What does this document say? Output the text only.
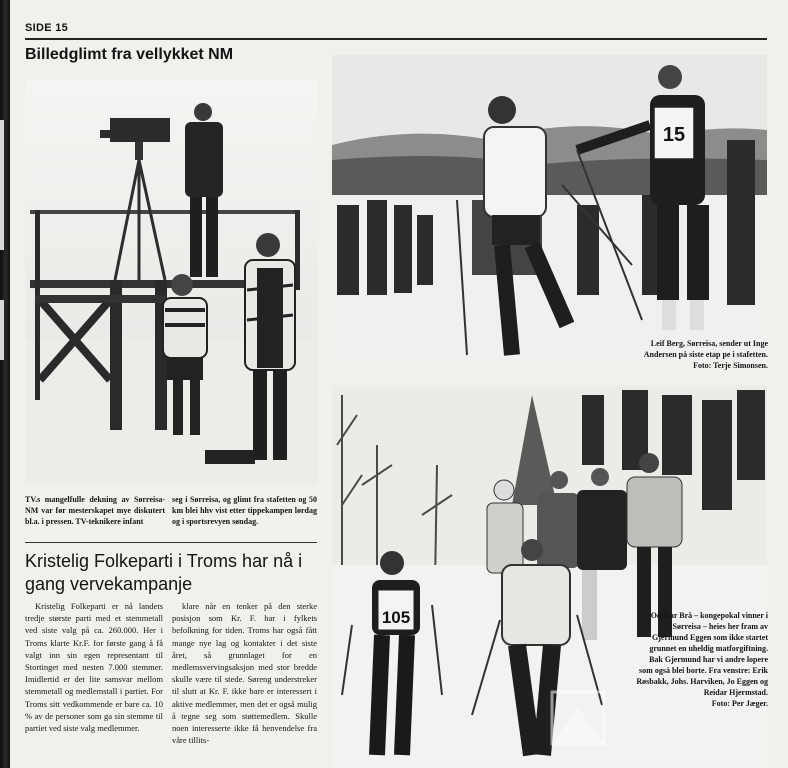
SIDE 15
Billedglimt fra vellykket NM
TV.s mangelfulle dekning av Sørreisa-NM var før mesterskapet mye diskutert bl.a. i pressen. TV-teknikere infant
seg i Sørreisa, og glimt fra stafetten og 50 km blei hhv vist etter tippekampen lørdag og i sportsrevyen søndag.
15
Leif Berg, Sørreisa, sender ut Inge Andersen på siste etap pe i stafetten.
Foto: Terje Simonsen.
105	Oddvar Brå – kongepokal vinner i Sørreisa – heies her fram av Gjermund Eggen som ikke startet grunnet en uheldig matforgiftning. Bak Gjermund har vi andre lopere som også blei borte. Fra venstre: Erik Røsbakk, Johs. Harviken, Jo Eggen og Reidar Hjermstad.
Foto: Per Jæger.
Kristelig Folkeparti i Troms har nå i gang vervekampanje
Kristelig Folkeparti er nå landets tredje største parti med et stemmetall ved siste valg på ca. 260.000. Her i Troms klarte Kr.F. for første gang å få valgt inn sin egen representant til Stortinget med nesten 7.000 stemmer. Imidlertid er det lite samsvar mellom stemmetall og medlemstall i partiet. For Troms sitt vedkommende er bare ca. 10 % av de personer som ga sin stemme til partiet ved siste valg medlemmer.
klare når en tenker på den sterke posisjon som Kr. F. har i fylkets befolkning for tiden. Troms har også fått mange nye lag og kontakter i det siste året, så grunnlaget for en medlemsvervingsaksjon med stor bredde skulle være til stede. Søreng understreker til slutt at Kr. F. ikke bare er interessert i aktive medlemmer, men det er også mulig å tegne seg som støttemedlem. Skulle noen interesserte ikke få henvendelse fra våre tillits-
